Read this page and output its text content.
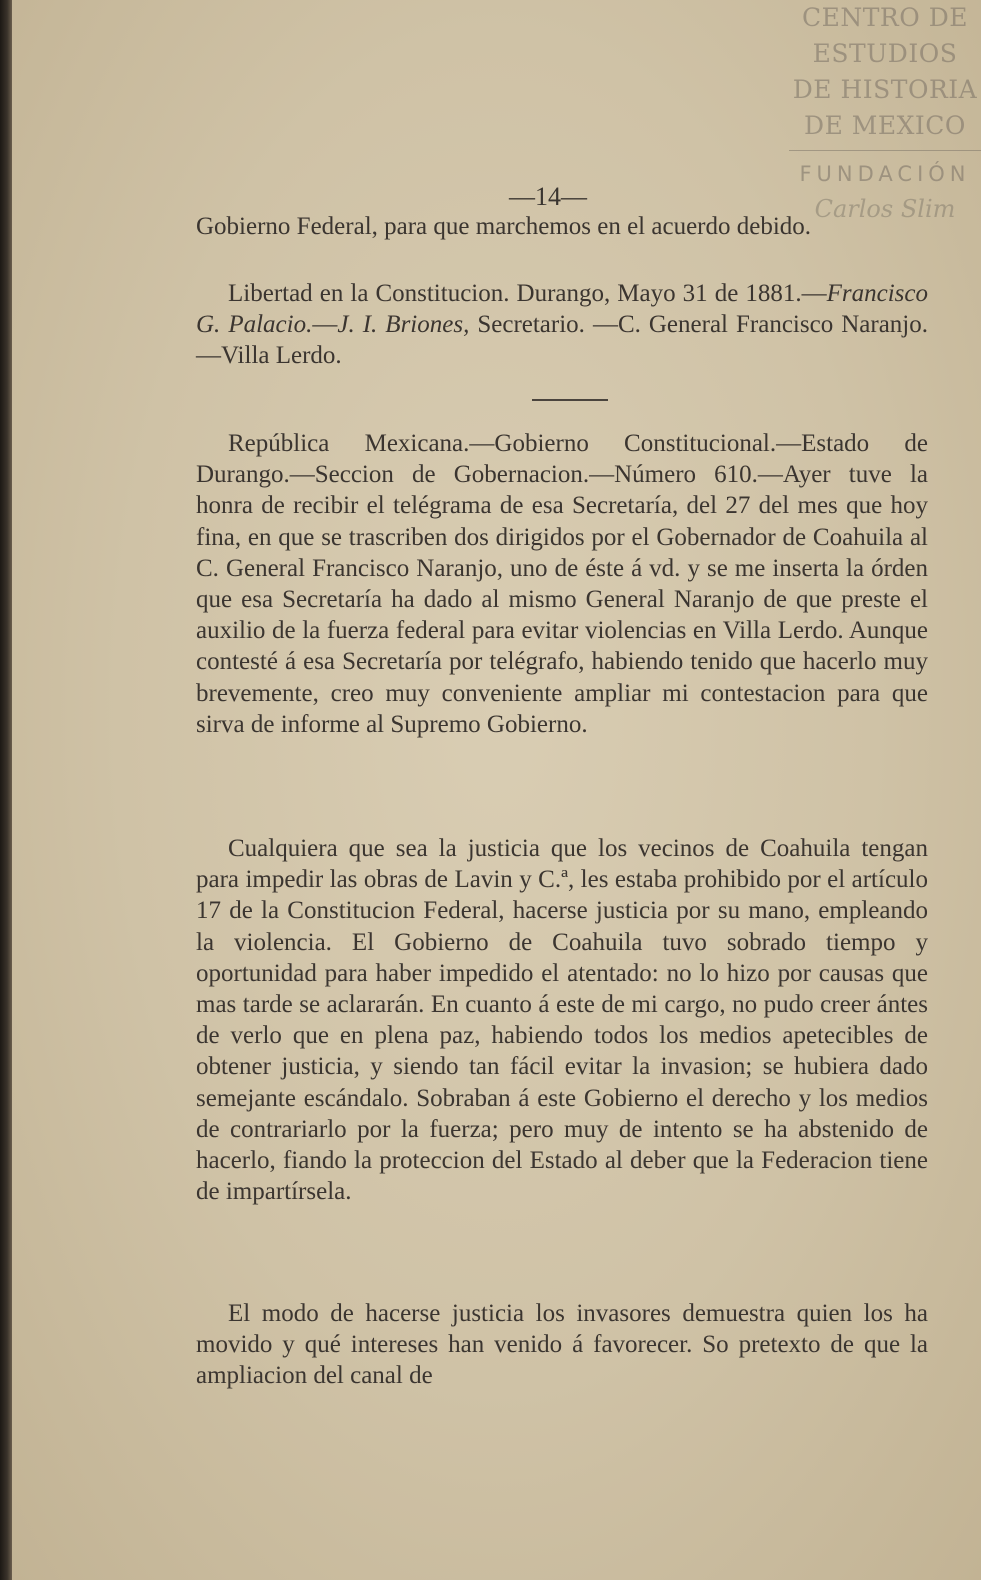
CENTRO DE
ESTUDIOS
DE HISTORIA
DE MEXICO
FUNDACIÓN
Carlos Slim
—14—

Gobierno Federal, para que marchemos en el acuerdo debido.

Libertad en la Constitucion. Durango, Mayo 31 de 1881.—Francisco G. Palacio.—J. I. Briones, Secretario. —C. General Francisco Naranjo.—Villa Lerdo.

República Mexicana.—Gobierno Constitucional.—Estado de Durango.—Seccion de Gobernacion.—Número 610.—Ayer tuve la honra de recibir el telégrama de esa Secretaría, del 27 del mes que hoy fina, en que se trascriben dos dirigidos por el Gobernador de Coahuila al C. General Francisco Naranjo, uno de éste á vd. y se me inserta la órden que esa Secretaría ha dado al mismo General Naranjo de que preste el auxilio de la fuerza federal para evitar violencias en Villa Lerdo. Aunque contesté á esa Secretaría por telégrafo, habiendo tenido que hacerlo muy brevemente, creo muy conveniente ampliar mi contestacion para que sirva de informe al Supremo Gobierno.

Cualquiera que sea la justicia que los vecinos de Coahuila tengan para impedir las obras de Lavin y C.ª, les estaba prohibido por el artículo 17 de la Constitucion Federal, hacerse justicia por su mano, empleando la violencia. El Gobierno de Coahuila tuvo sobrado tiempo y oportunidad para haber impedido el atentado: no lo hizo por causas que mas tarde se aclararán. En cuanto á este de mi cargo, no pudo creer ántes de verlo que en plena paz, habiendo todos los medios apetecibles de obtener justicia, y siendo tan fácil evitar la invasion; se hubiera dado semejante escándalo. Sobraban á este Gobierno el derecho y los medios de contrariarlo por la fuerza; pero muy de intento se ha abstenido de hacerlo, fiando la proteccion del Estado al deber que la Federacion tiene de impartírsela.

El modo de hacerse justicia los invasores demuestra quien los ha movido y qué intereses han venido á favorecer. So pretexto de que la ampliacion del canal de
